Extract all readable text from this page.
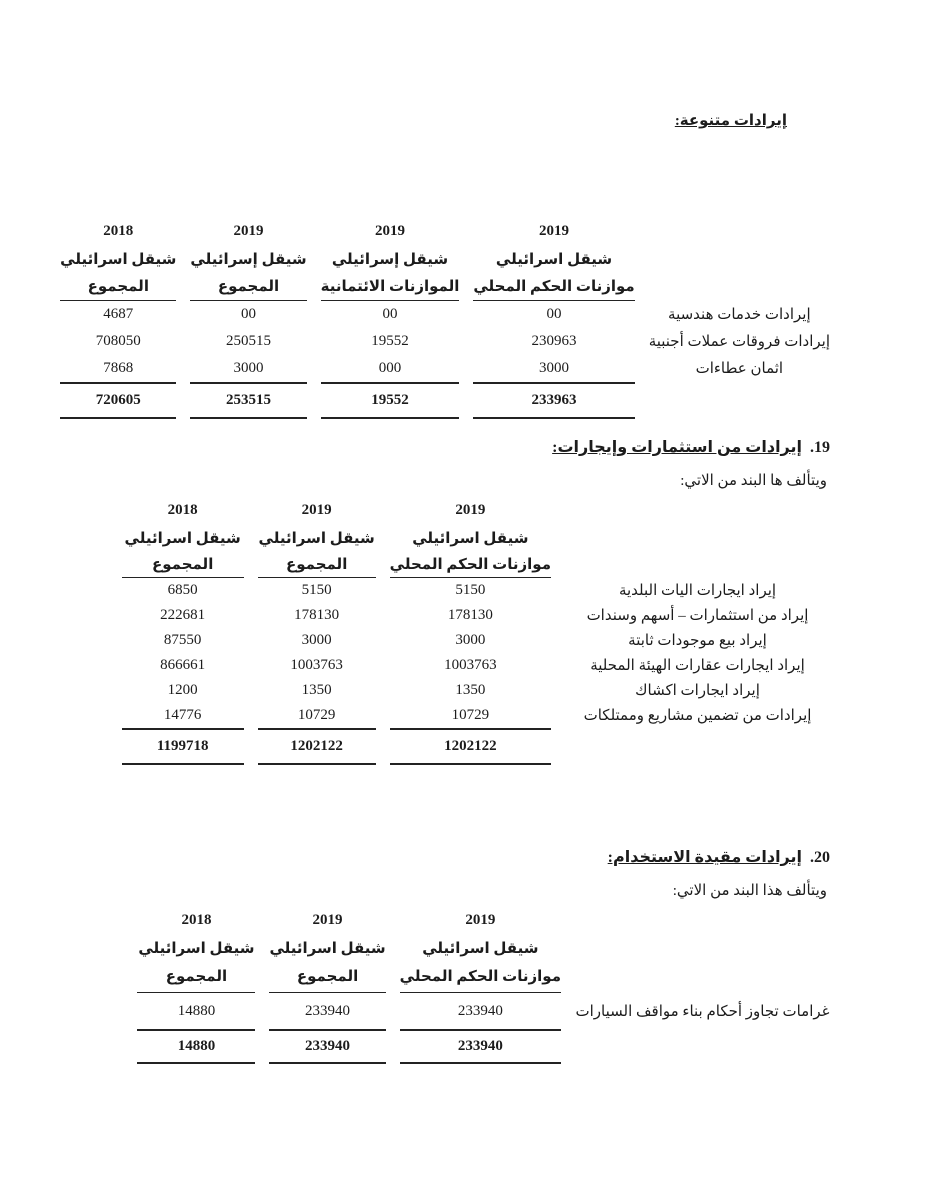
إيرادات متنوعة:
	2019	2019	2019	2018
	شيقل اسرائيلي	شيقل إسرائيلي	شيقل إسرائيلي	شيقل اسرائيلي
	موازنات الحكم المحلي	الموازنات الائتمانية	المجموع	المجموع
إيرادات خدمات هندسية	00	00	00	4687
إيرادات فروقات عملات أجنبية	230963	19552	250515	708050
اثمان عطاءات	3000	000	3000	7868
	233963	19552	253515	720605
19. إيرادات من استثمارات وإيجارات:
ويتألف ها البند من الاتي:
	2019	2019	2018
	شيقل اسرائيلي	شيقل اسرائيلي	شيقل اسرائيلي
	موازنات الحكم المحلي	المجموع	المجموع
إيراد ايجارات اليات البلدية	5150	5150	6850
إيراد من استثمارات – أسهم وسندات	178130	178130	222681
إيراد بيع موجودات ثابتة	3000	3000	87550
إيراد ايجارات عقارات الهيئة المحلية	1003763	1003763	866661
إيراد ايجارات اكشاك	1350	1350	1200
إيرادات من تضمين مشاريع وممتلكات	10729	10729	14776
	1202122	1202122	1199718
20. إيرادات مقيدة الاستخدام:
ويتألف هذا البند من الاتي:
	2019	2019	2018
	شيقل اسرائيلي	شيقل اسرائيلي	شيقل اسرائيلي
	موازنات الحكم المحلي	المجموع	المجموع
غرامات تجاوز أحكام بناء مواقف السيارات	233940	233940	14880
	233940	233940	14880
